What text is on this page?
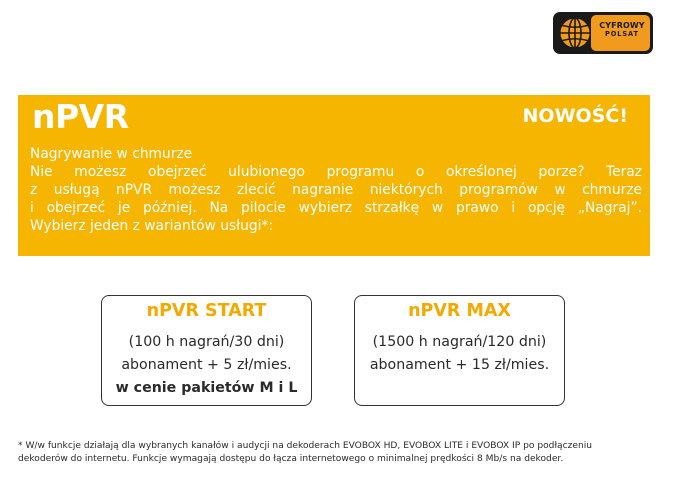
CYFROWY
POLSAT
nPVR	NOWOŚĆ!
Nagrywanie w chmurze
Nie możesz obejrzeć ulubionego programu o określonej porze? Teraz
z usługą nPVR możesz zlecić nagranie niektórych programów w chmurze
i obejrzeć je później. Na pilocie wybierz strzałkę w prawo i opcję „Nagraj”.
Wybierz jeden z wariantów usługi*:
nPVR START
(100 h nagrań/30 dni)
abonament + 5 zł/mies.
w cenie pakietów M i L
nPVR MAX
(1500 h nagrań/120 dni)
abonament + 15 zł/mies.
* W/w funkcje działają dla wybranych kanałów i audycji na dekoderach EVOBOX HD, EVOBOX LITE i EVOBOX IP po podłączeniu
dekoderów do internetu. Funkcje wymagają dostępu do łącza internetowego o minimalnej prędkości 8 Mb/s na dekoder.
